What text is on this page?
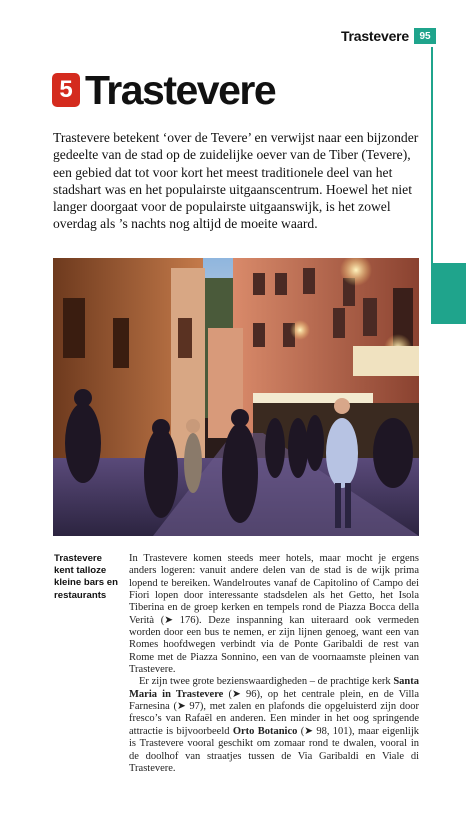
Trastevere	95
5 Trastevere

Trastevere betekent ‘over de Tevere’ en verwijst naar een bijzonder gedeelte van de stad op de zuidelijke oever van de Tiber (Tevere), een gebied dat tot voor kort het meest traditionele deel van het stadshart was en het populairste uitgaanscentrum. Hoewel het niet langer doorgaat voor de populairste uitgaanswijk, is het zowel overdag als ’s nachts nog altijd de moeite waard.

Trastevere kent talloze kleine bars en restaurants

In Trastevere komen steeds meer hotels, maar mocht je ergens anders logeren: vanuit andere delen van de stad is de wijk prima lopend te bereiken. Wandelroutes vanaf de Capitolino of Campo dei Fiori lopen door interessante stadsdelen als het Getto, het Isola Tiberina en de groep kerken en tempels rond de Piazza Bocca della Verità (➤ 176). Deze inspanning kan uiteraard ook vermeden worden door een bus te nemen, er zijn lijnen genoeg, want een van Romes hoofdwegen verbindt via de Ponte Garibaldi de rest van Rome met de Piazza Sonnino, een van de voornaamste pleinen van Trastevere.

Er zijn twee grote bezienswaardigheden – de prachtige kerk Santa Maria in Trastevere (➤ 96), op het centrale plein, en de Villa Farnesina (➤ 97), met zalen en plafonds die opgeluisterd zijn door fresco’s van Rafaël en anderen. Een minder in het oog springende attractie is bijvoorbeeld Orto Botanico (➤ 98, 101), maar eigenlijk is Trastevere vooral geschikt om zomaar rond te dwalen, vooral in de doolhof van straatjes tussen de Via Garibaldi en Viale di Trastevere.
